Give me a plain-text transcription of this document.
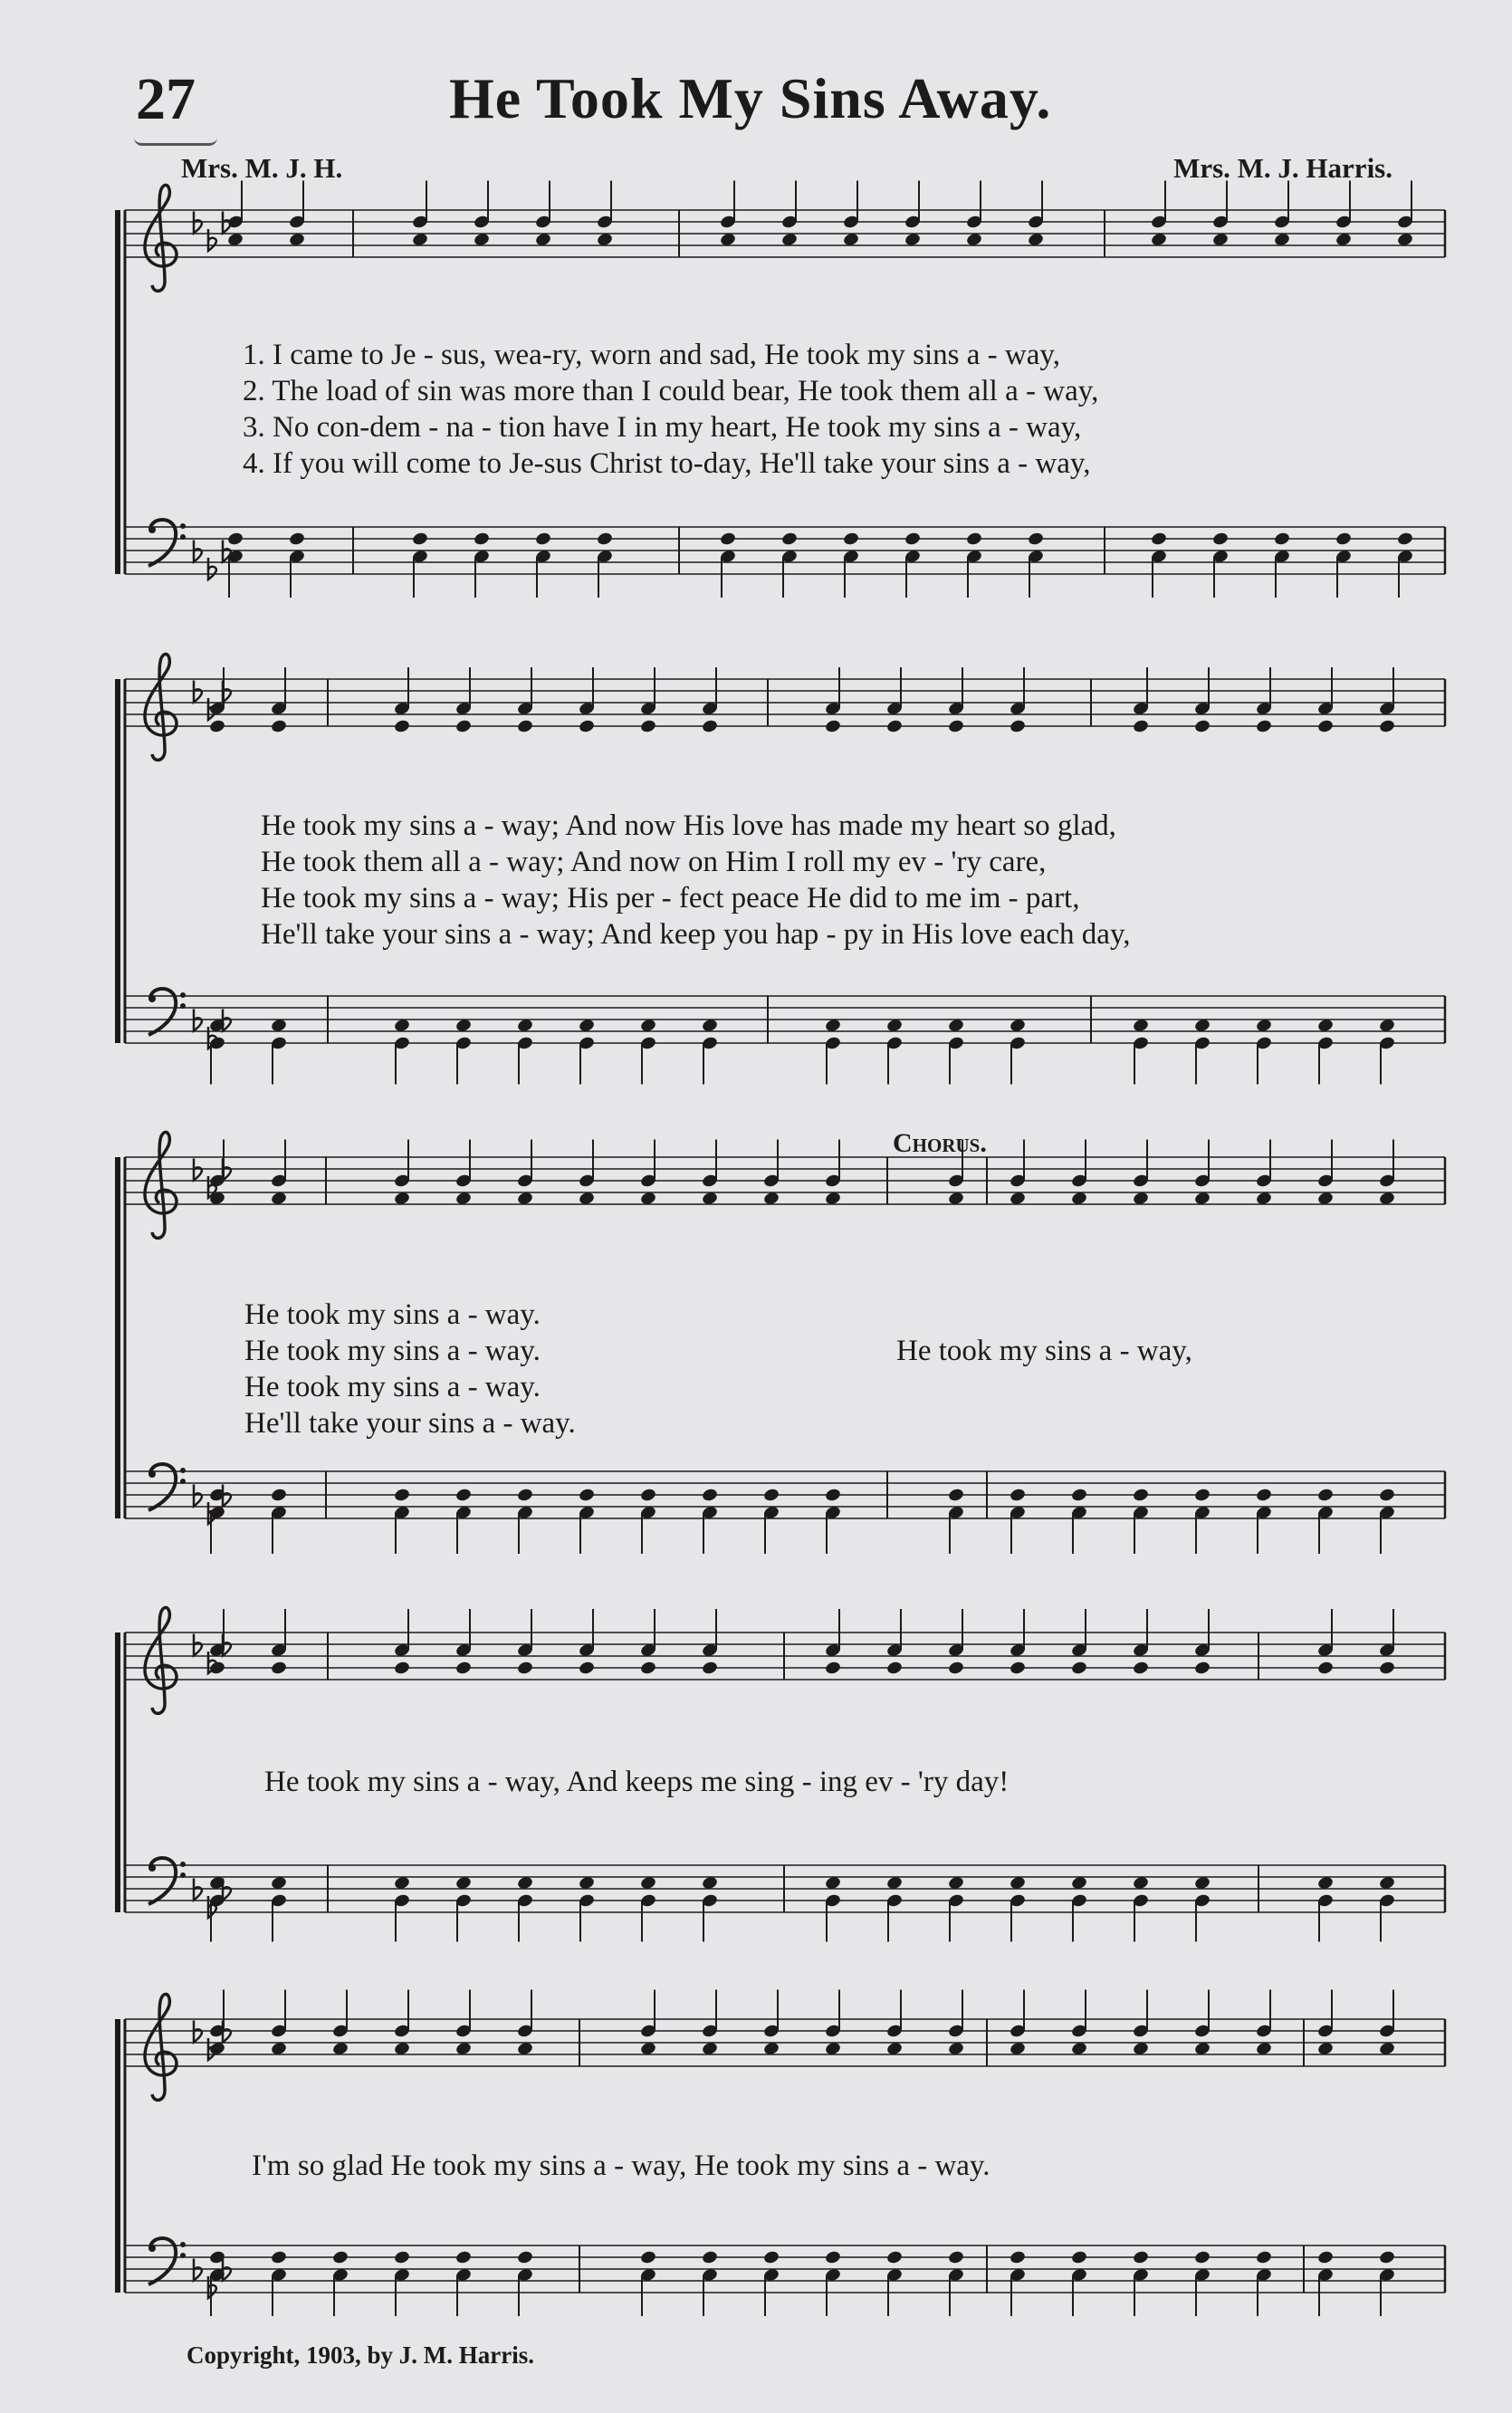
27	He Took My Sins Away.
Mrs. M. J. H.	Mrs. M. J. Harris.
1. I came to Je - sus, wea-ry, worn and sad, He took my sins a - way,
2. The load of sin was more than I could bear, He took them all a - way,
3. No con-dem - na - tion have I in my heart, He took my sins a - way,
4. If you will come to Je-sus Christ to-day, He'll take your sins a - way,
He took my sins a - way; And now His love has made my heart so glad,
He took them all a - way; And now on Him I roll my ev - 'ry care,
He took my sins a - way; His per - fect peace He did to me im - part,
He'll take your sins a - way; And keep you hap - py in His love each day,
Chorus.
He took my sins a - way.
He took my sins a - way.
He took my sins a - way.
He'll take your sins a - way.
He took my sins a - way,
He took my sins a - way, And keeps me sing - ing ev - 'ry day!
I'm so glad He took my sins a - way, He took my sins a - way.
Copyright, 1903, by J. M. Harris.
